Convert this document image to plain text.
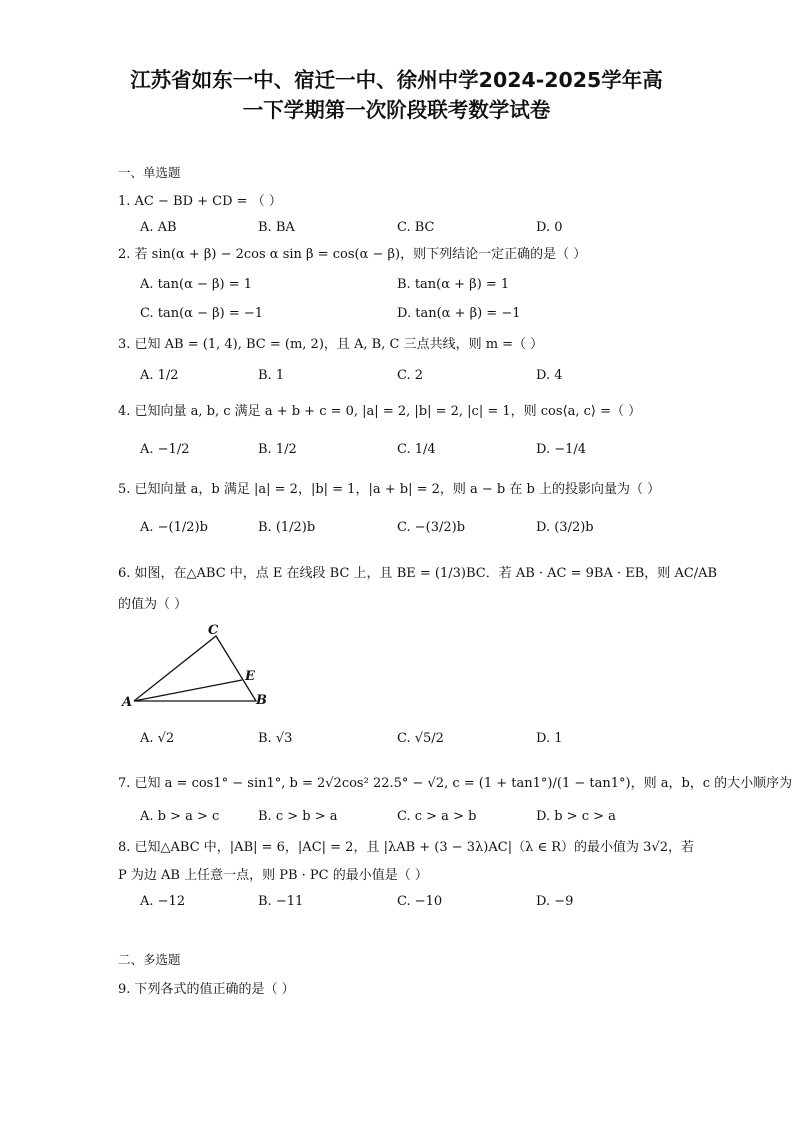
江苏省如东一中、宿迁一中、徐州中学2024-2025学年高
一下学期第一次阶段联考数学试卷
一、单选题
1. AC − BD + CD = （ ）
A. AB	B. BA	C. BC	D. 0
2. 若 sin(α + β) − 2cos α sin β = cos(α − β)，则下列结论一定正确的是（ ）
A. tan(α − β) = 1	B. tan(α + β) = 1
C. tan(α − β) = −1	D. tan(α + β) = −1
3. 已知 AB = (1, 4), BC = (m, 2)，且 A, B, C 三点共线，则 m =（ ）
A. 1/2	B. 1	C. 2	D. 4
4. 已知向量 a, b, c 满足 a + b + c = 0, |a| = 2, |b| = 2, |c| = 1，则 cos⟨a, c⟩ =（ ）
A. −1/2	B. 1/2	C. 1/4	D. −1/4
5. 已知向量 a，b 满足 |a| = 2，|b| = 1，|a + b| = 2，则 a − b 在 b 上的投影向量为（ ）
A. −(1/2)b	B. (1/2)b	C. −(3/2)b	D. (3/2)b
6. 如图，在△ABC 中，点 E 在线段 BC 上，且 BE = (1/3)BC．若 AB · AC = 9BA · EB，则 AC/AB
的值为（ ）
A
C
E
B
A. √2	B. √3	C. √5/2	D. 1
7. 已知 a = cos1° − sin1°, b = 2√2cos² 22.5° − √2, c = (1 + tan1°)/(1 − tan1°)，则 a，b，c 的大小顺序为
A. b > a > c	B. c > b > a	C. c > a > b	D. b > c > a
8. 已知△ABC 中，|AB| = 6，|AC| = 2，且 |λAB + (3 − 3λ)AC|（λ ∈ R）的最小值为 3√2，若
P 为边 AB 上任意一点，则 PB · PC 的最小值是（ ）
A. −12	B. −11	C. −10	D. −9
二、多选题
9. 下列各式的值正确的是（ ）
